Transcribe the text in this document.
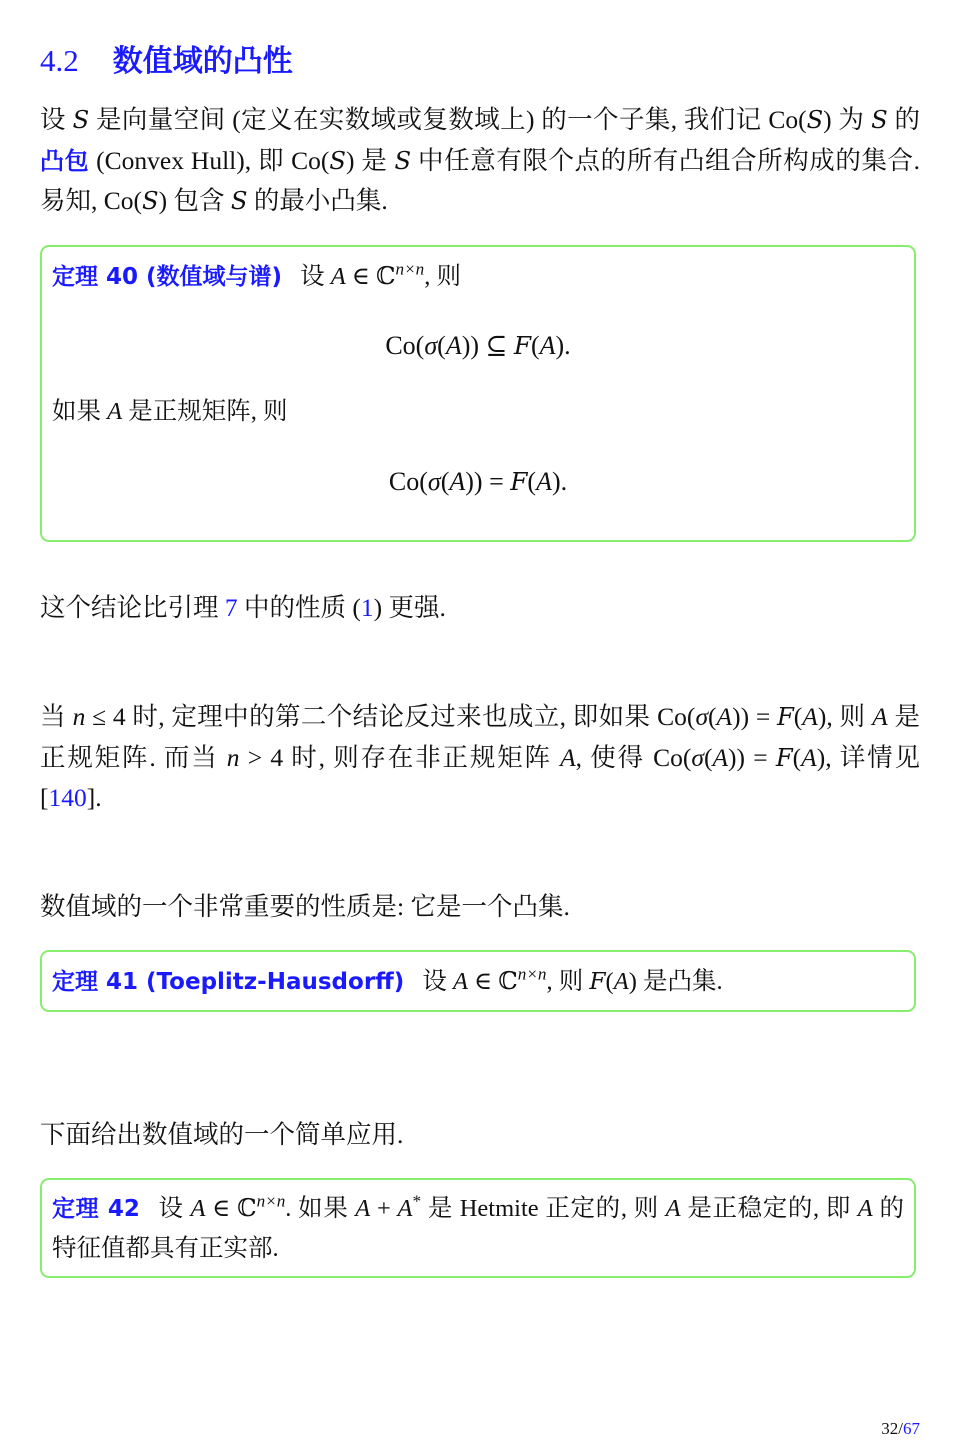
4.2 数值域的凸性

设 S 是向量空间 (定义在实数域或复数域上) 的一个子集, 我们记 Co(S) 为 S 的 凸包 (Convex Hull), 即 Co(S) 是 S 中任意有限个点的所有凸组合所构成的集合. 易知, Co(S) 包含 S 的最小凸集.

定理 40 (数值域与谱) 设 A ∈ ℂ$^{n\times n}$, 则
Co(σ(A)) ⊆ F(A).
如果 A 是正规矩阵, 则
Co(σ(A)) = F(A).

这个结论比引理 7 中的性质 (1) 更强.

当 n ≤ 4 时, 定理中的第二个结论反过来也成立, 即如果 Co(σ(A)) = F(A), 则 A 是正规矩阵. 而当 n > 4 时, 则存在非正规矩阵 A, 使得 Co(σ(A)) = F(A), 详情见 [140].

数值域的一个非常重要的性质是: 它是一个凸集.

定理 41 (Toeplitz-Hausdorff) 设 A ∈ ℂ$^{n\times n}$, 则 F(A) 是凸集.

下面给出数值域的一个简单应用.

定理 42 设 A ∈ ℂ$^{n\times n}$. 如果 A + A* 是 Hetmite 正定的, 则 A 是正稳定的, 即 A 的特征值都具有正实部.
32/67
